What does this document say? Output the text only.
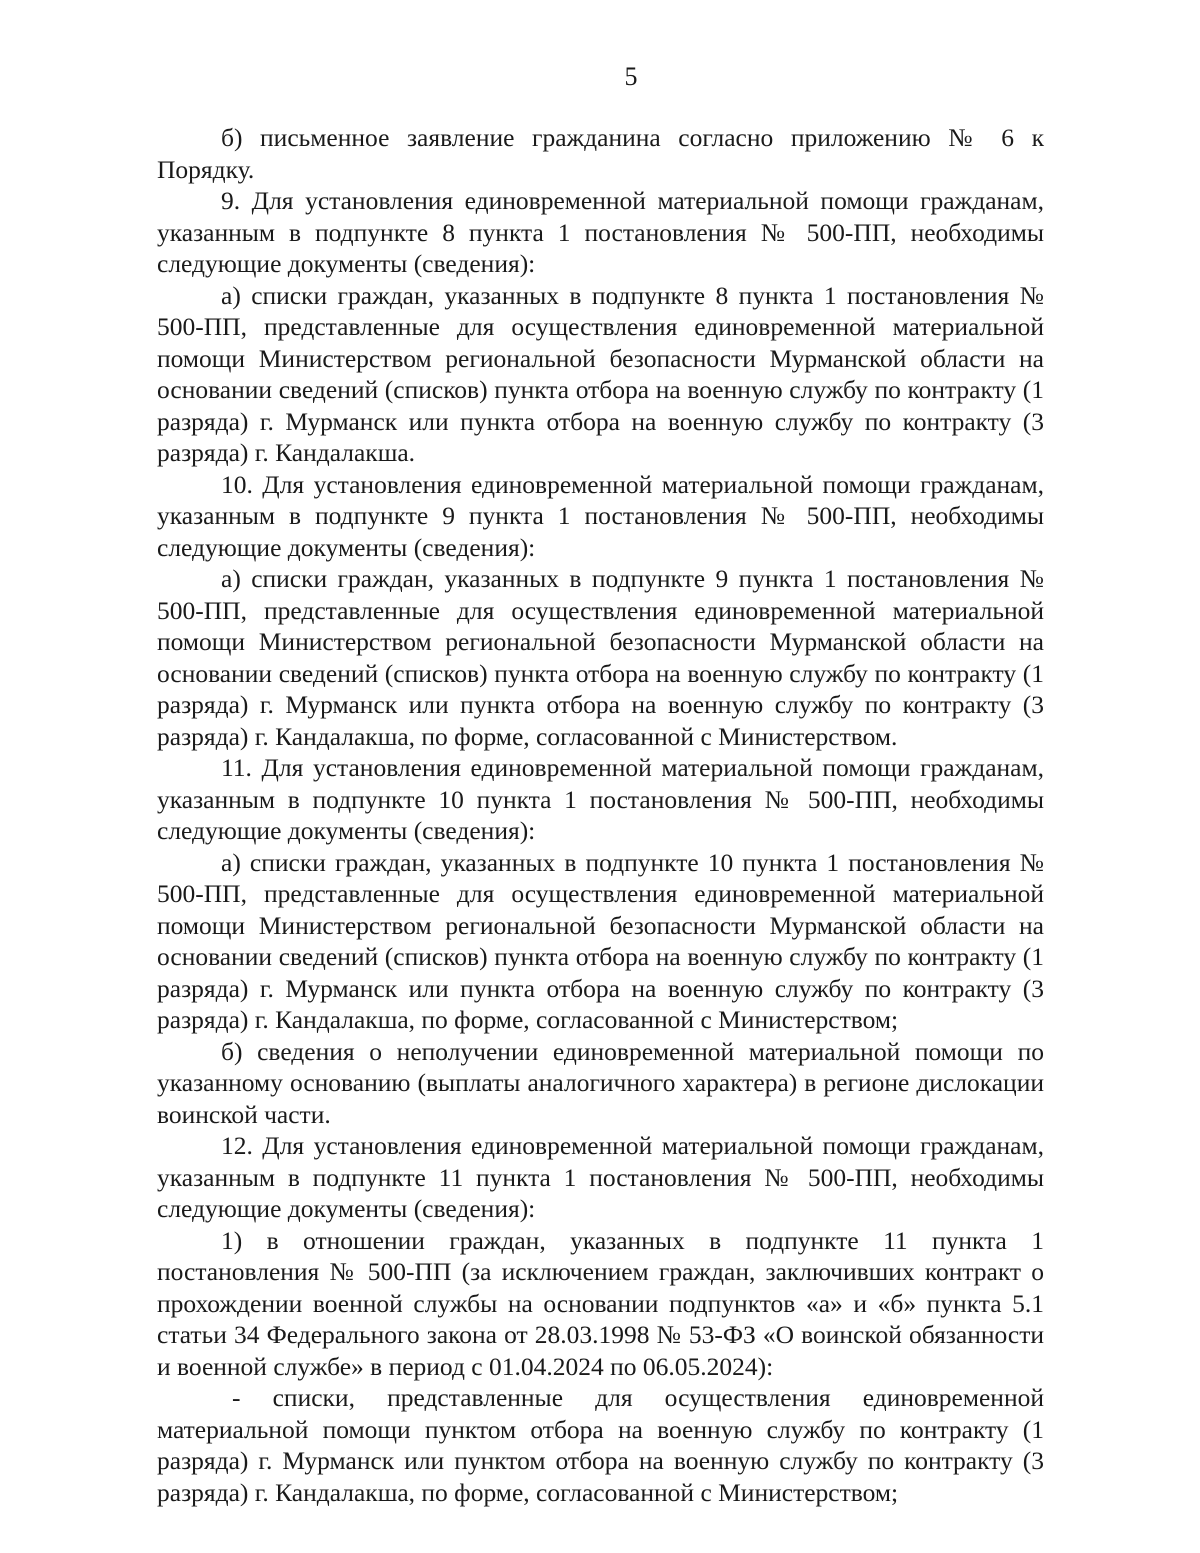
5

б) письменное заявление гражданина согласно приложению № 6 к Порядку.

9. Для установления единовременной материальной помощи гражданам, указанным в подпункте 8 пункта 1 постановления № 500-ПП, необходимы следующие документы (сведения):

а) списки граждан, указанных в подпункте 8 пункта 1 постановления № 500-ПП, представленные для осуществления единовременной материальной помощи Министерством региональной безопасности Мурманской области на основании сведений (списков) пункта отбора на военную службу по контракту (1 разряда) г. Мурманск или пункта отбора на военную службу по контракту (3 разряда) г. Кандалакша.

10. Для установления единовременной материальной помощи гражданам, указанным в подпункте 9 пункта 1 постановления № 500-ПП, необходимы следующие документы (сведения):

а) списки граждан, указанных в подпункте 9 пункта 1 постановления № 500-ПП, представленные для осуществления единовременной материальной помощи Министерством региональной безопасности Мурманской области на основании сведений (списков) пункта отбора на военную службу по контракту (1 разряда) г. Мурманск или пункта отбора на военную службу по контракту (3 разряда) г. Кандалакша, по форме, согласованной с Министерством.

11. Для установления единовременной материальной помощи гражданам, указанным в подпункте 10 пункта 1 постановления № 500-ПП, необходимы следующие документы (сведения):

а) списки граждан, указанных в подпункте 10 пункта 1 постановления № 500-ПП, представленные для осуществления единовременной материальной помощи Министерством региональной безопасности Мурманской области на основании сведений (списков) пункта отбора на военную службу по контракту (1 разряда) г. Мурманск или пункта отбора на военную службу по контракту (3 разряда) г. Кандалакша, по форме, согласованной с Министерством;

б) сведения о неполучении единовременной материальной помощи по указанному основанию (выплаты аналогичного характера) в регионе дислокации воинской части.

12. Для установления единовременной материальной помощи гражданам, указанным в подпункте 11 пункта 1 постановления № 500-ПП, необходимы следующие документы (сведения):

1) в отношении граждан, указанных в подпункте 11 пункта 1 постановления № 500-ПП (за исключением граждан, заключивших контракт о прохождении военной службы на основании подпунктов «а» и «б» пункта 5.1 статьи 34 Федерального закона от 28.03.1998 № 53-ФЗ «О воинской обязанности и военной службе» в период с 01.04.2024 по 06.05.2024):

- списки, представленные для осуществления единовременной материальной помощи пунктом отбора на военную службу по контракту (1 разряда) г. Мурманск или пунктом отбора на военную службу по контракту (3 разряда) г. Кандалакша, по форме, согласованной с Министерством;
